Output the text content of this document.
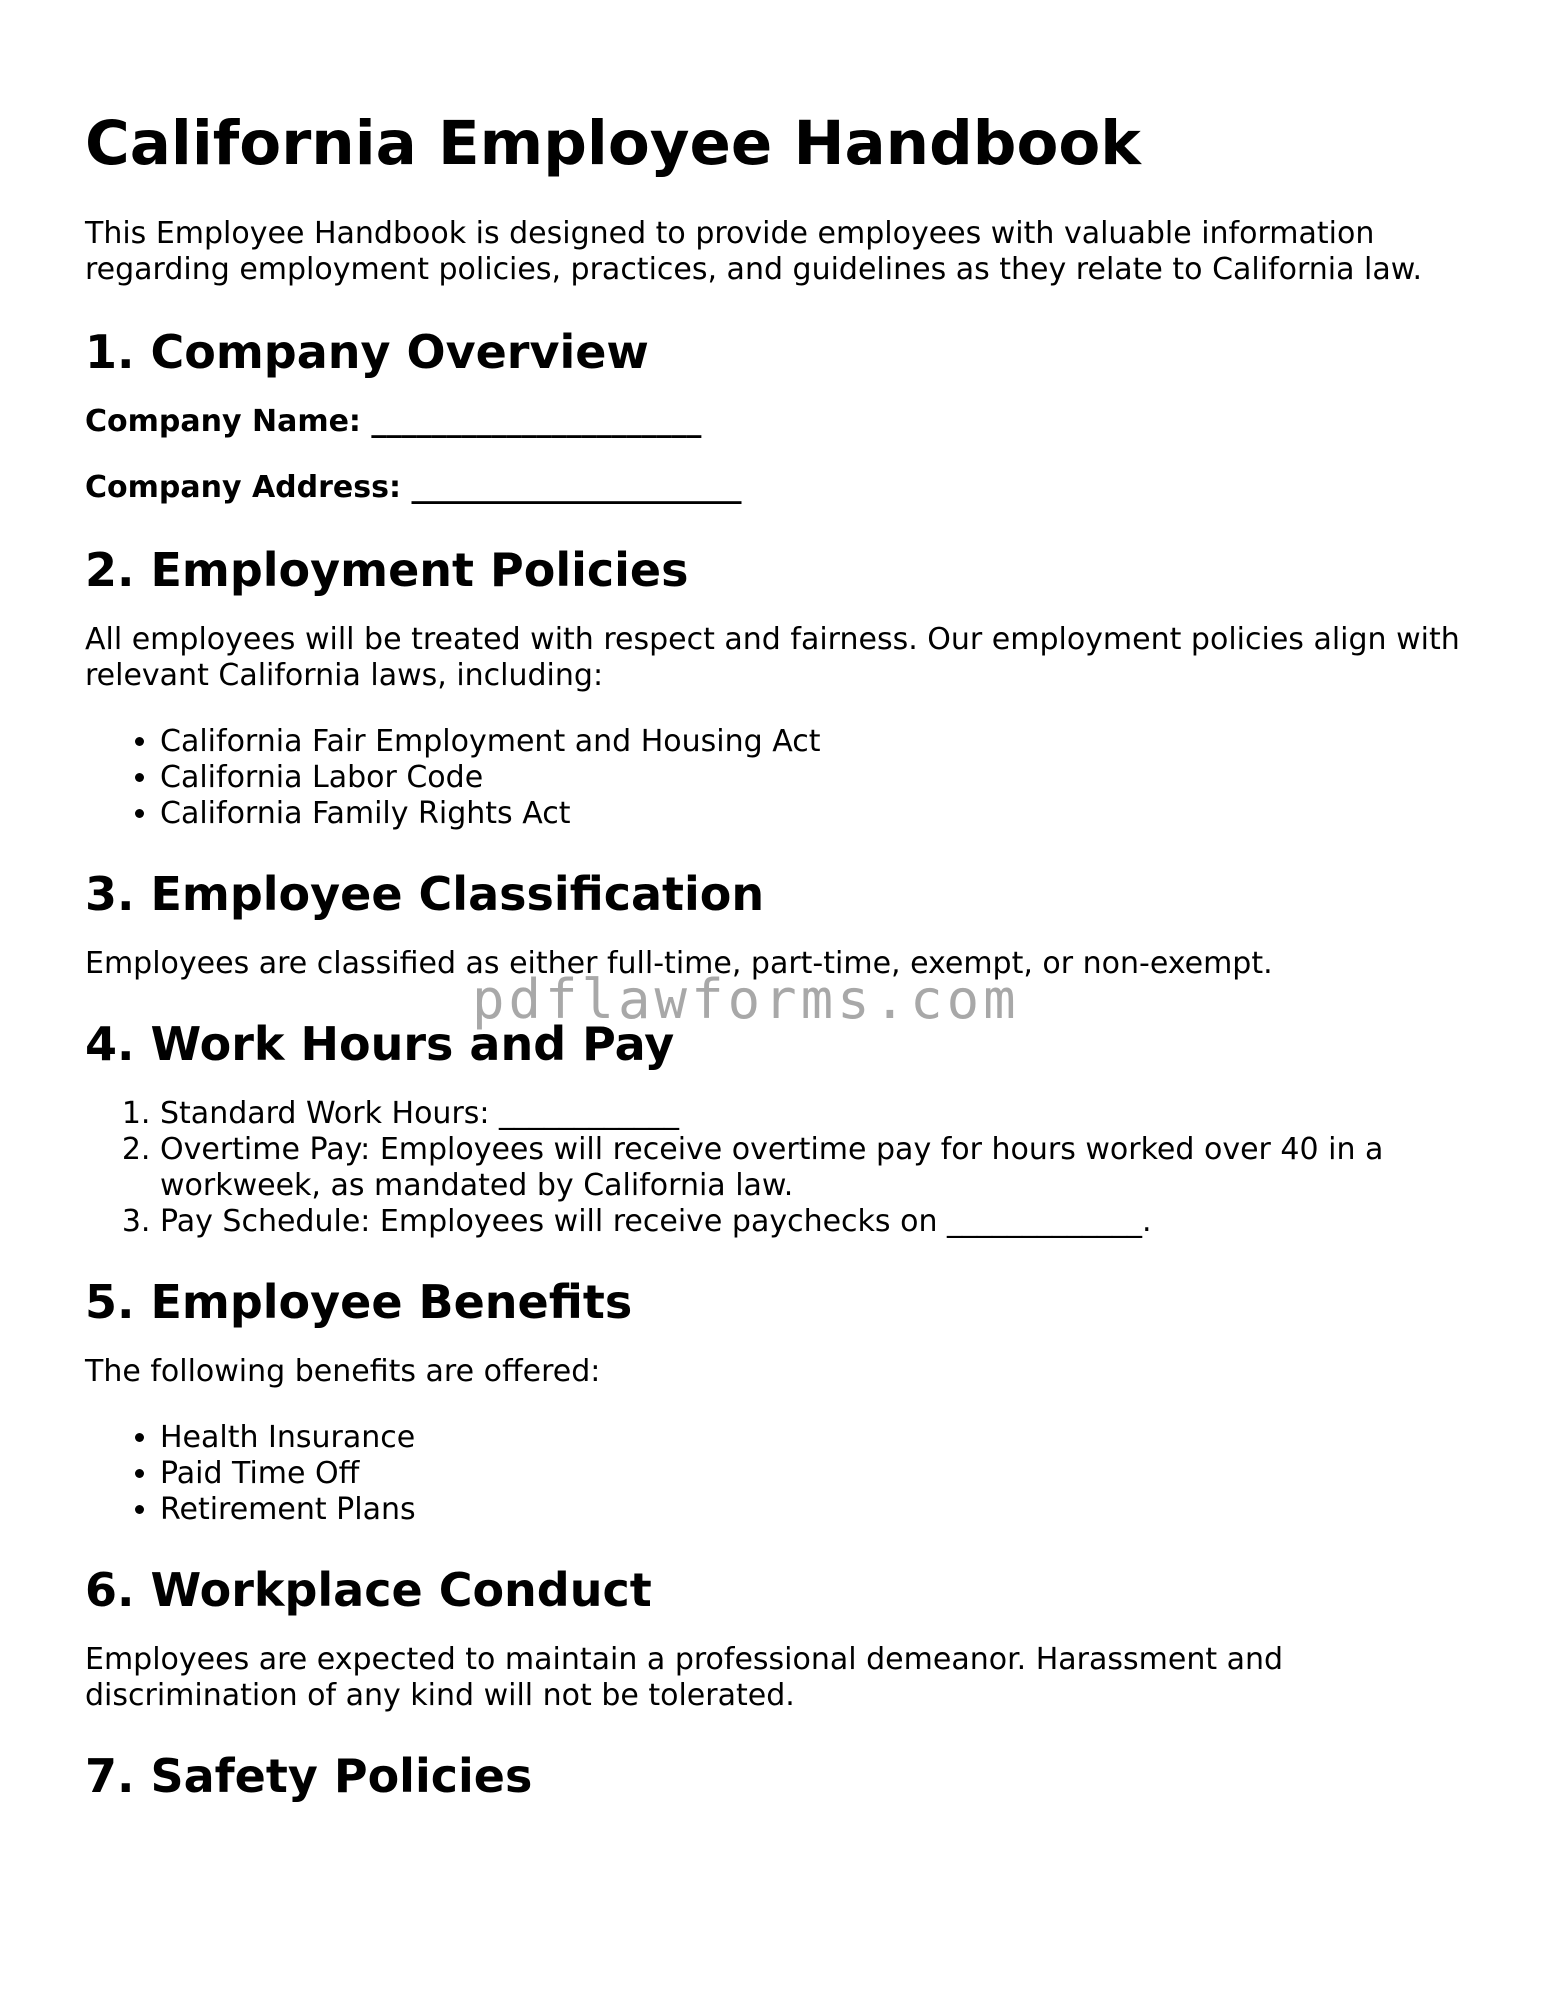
California Employee Handbook

This Employee Handbook is designed to provide employees with valuable information regarding employment policies, practices, and guidelines as they relate to California law.

1. Company Overview
Company Name: ______________________
Company Address: ______________________
2. Employment Policies

All employees will be treated with respect and fairness. Our employment policies align with relevant California laws, including:

• California Fair Employment and Housing Act
• California Labor Code
• California Family Rights Act
3. Employee Classification

Employees are classified as either full-time, part-time, exempt, or non-exempt.

4. Work Hours and Pay
1. Standard Work Hours: ____________
2. Overtime Pay: Employees will receive overtime pay for hours worked over 40 in a workweek, as mandated by California law.
3. Pay Schedule: Employees will receive paychecks on _____________.
5. Employee Benefits

The following benefits are offered:

• Health Insurance
• Paid Time Off
• Retirement Plans
6. Workplace Conduct

Employees are expected to maintain a professional demeanor. Harassment and discrimination of any kind will not be tolerated.

7. Safety Policies
pdflawforms.com
